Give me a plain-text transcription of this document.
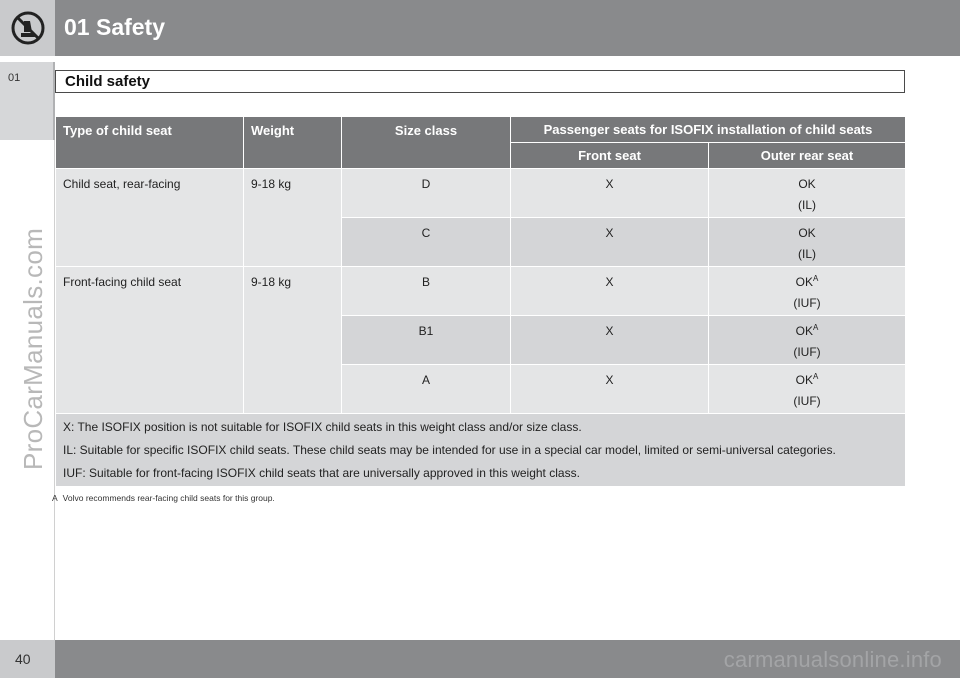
01 Safety
01
ProCarManuals.com
Child safety
Type of child seat	Weight	Size class	Passenger seats for ISOFIX installation of child seats	
			Front seat	Outer rear seat
Child seat, rear-facing	9-18 kg	D	X	OK
(IL)

		C	X	OK
(IL)

Front-facing child seat	9-18 kg	B	X	$OK^A$
(IUF)

		B1	X	$OK^A$
(IUF)

		A	X	$OK^A$
(IUF)

X: The ISOFIX position is not suitable for ISOFIX child seats in this weight class and/or size class.

IL: Suitable for specific ISOFIX child seats. These child seats may be intended for use in a special car model, limited or semi-universal categories.

IUF: Suitable for front-facing ISOFIX child seats that are universally approved in this weight class.				

A Volvo recommends rear-facing child seats for this group.
40	carmanualsonline.info
